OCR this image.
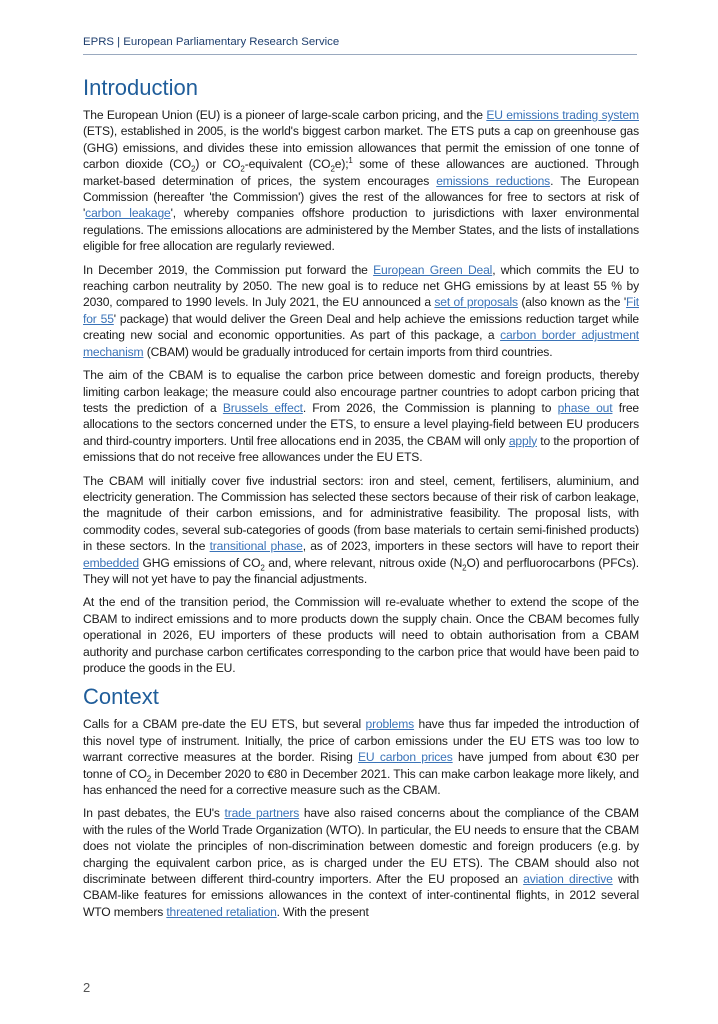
EPRS | European Parliamentary Research Service
Introduction

The European Union (EU) is a pioneer of large-scale carbon pricing, and the EU emissions trading system (ETS), established in 2005, is the world's biggest carbon market. The ETS puts a cap on greenhouse gas (GHG) emissions, and divides these into emission allowances that permit the emission of one tonne of carbon dioxide $(CO_2)$ or $CO_2$-equivalent $(CO_2e);^1$ some of these allowances are auctioned. Through market-based determination of prices, the system encourages emissions reductions. The European Commission (hereafter 'the Commission') gives the rest of the allowances for free to sectors at risk of 'carbon leakage', whereby companies offshore production to jurisdictions with laxer environmental regulations. The emissions allocations are administered by the Member States, and the lists of installations eligible for free allocation are regularly reviewed.

In December 2019, the Commission put forward the European Green Deal, which commits the EU to reaching carbon neutrality by 2050. The new goal is to reduce net GHG emissions by at least 55 % by 2030, compared to 1990 levels. In July 2021, the EU announced a set of proposals (also known as the 'Fit for 55' package) that would deliver the Green Deal and help achieve the emissions reduction target while creating new social and economic opportunities. As part of this package, a carbon border adjustment mechanism (CBAM) would be gradually introduced for certain imports from third countries.

The aim of the CBAM is to equalise the carbon price between domestic and foreign products, thereby limiting carbon leakage; the measure could also encourage partner countries to adopt carbon pricing that tests the prediction of a Brussels effect. From 2026, the Commission is planning to phase out free allocations to the sectors concerned under the ETS, to ensure a level playing-field between EU producers and third-country importers. Until free allocations end in 2035, the CBAM will only apply to the proportion of emissions that do not receive free allowances under the EU ETS.

The CBAM will initially cover five industrial sectors: iron and steel, cement, fertilisers, aluminium, and electricity generation. The Commission has selected these sectors because of their risk of carbon leakage, the magnitude of their carbon emissions, and for administrative feasibility. The proposal lists, with commodity codes, several sub-categories of goods (from base materials to certain semi-finished products) in these sectors. In the transitional phase, as of 2023, importers in these sectors will have to report their embedded GHG emissions of $CO_2$ and, where relevant, nitrous oxide $(N_2O)$ and perfluorocarbons (PFCs). They will not yet have to pay the financial adjustments.

At the end of the transition period, the Commission will re-evaluate whether to extend the scope of the CBAM to indirect emissions and to more products down the supply chain. Once the CBAM becomes fully operational in 2026, EU importers of these products will need to obtain authorisation from a CBAM authority and purchase carbon certificates corresponding to the carbon price that would have been paid to produce the goods in the EU.

Context

Calls for a CBAM pre-date the EU ETS, but several problems have thus far impeded the introduction of this novel type of instrument. Initially, the price of carbon emissions under the EU ETS was too low to warrant corrective measures at the border. Rising EU carbon prices have jumped from about €30 per tonne of $CO_2$ in December 2020 to €80 in December 2021. This can make carbon leakage more likely, and has enhanced the need for a corrective measure such as the CBAM.

In past debates, the EU's trade partners have also raised concerns about the compliance of the CBAM with the rules of the World Trade Organization (WTO). In particular, the EU needs to ensure that the CBAM does not violate the principles of non-discrimination between domestic and foreign producers (e.g. by charging the equivalent carbon price, as is charged under the EU ETS). The CBAM should also not discriminate between different third-country importers. After the EU proposed an aviation directive with CBAM-like features for emissions allowances in the context of inter-continental flights, in 2012 several WTO members threatened retaliation. With the present

2
